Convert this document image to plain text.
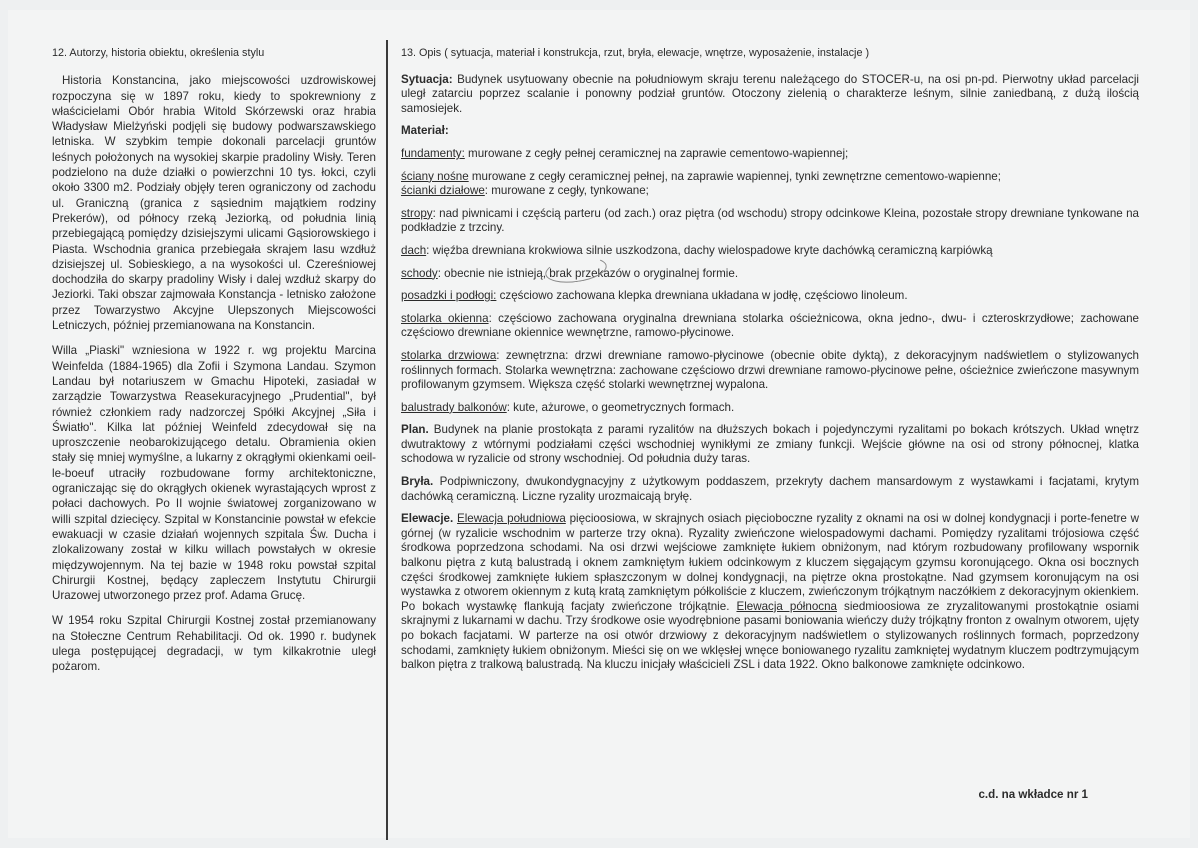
12. Autorzy, historia obiektu, określenia stylu

Historia Konstancina, jako miejscowości uzdrowiskowej rozpoczyna się w 1897 roku, kiedy to spokrewniony z właścicielami Obór hrabia Witold Skórzewski oraz hrabia Władysław Mielżyński podjęli się budowy podwarszawskiego letniska. W szybkim tempie dokonali parcelacji gruntów leśnych położonych na wysokiej skarpie pradoliny Wisły. Teren podzielono na duże działki o powierzchni 10 tys. łokci, czyli około 3300 m2. Podziały objęły teren ograniczony od zachodu ul. Graniczną (granica z sąsiednim majątkiem rodziny Prekerów), od północy rzeką Jeziorką, od południa linią przebiegającą pomiędzy dzisiejszymi ulicami Gąsiorowskiego i Piasta. Wschodnia granica przebiegała skrajem lasu wzdłuż dzisiejszej ul. Sobieskiego, a na wysokości ul. Czereśniowej dochodziła do skarpy pradoliny Wisły i dalej wzdłuż skarpy do Jeziorki. Taki obszar zajmowała Konstancja - letnisko założone przez Towarzystwo Akcyjne Ulepszonych Miejscowości Letniczych, później przemianowana na Konstancin.

Willa „Piaski" wzniesiona w 1922 r. wg projektu Marcina Weinfelda (1884-1965) dla Zofii i Szymona Landau. Szymon Landau był notariuszem w Gmachu Hipoteki, zasiadał w zarządzie Towarzystwa Reasekuracyjnego „Prudential", był również członkiem rady nadzorczej Spółki Akcyjnej „Siła i Światło". Kilka lat później Weinfeld zdecydował się na uproszczenie neobarokizującego detalu. Obramienia okien stały się mniej wymyślne, a lukarny z okrągłymi okienkami oeil-le-boeuf utraciły rozbudowane formy architektoniczne, ograniczając się do okrągłych okienek wyrastających wprost z połaci dachowych. Po II wojnie światowej zorganizowano w willi szpital dziecięcy. Szpital w Konstancinie powstał w efekcie ewakuacji w czasie działań wojennych szpitala Św. Ducha i zlokalizowany został w kilku willach powstałych w okresie międzywojennym. Na tej bazie w 1948 roku powstał szpital Chirurgii Kostnej, będący zapleczem Instytutu Chirurgii Urazowej utworzonego przez prof. Adama Grucę.

W 1954 roku Szpital Chirurgii Kostnej został przemianowany na Stołeczne Centrum Rehabilitacji. Od ok. 1990 r. budynek ulega postępującej degradacji, w tym kilkakrotnie uległ pożarom.

13. Opis ( sytuacja, materiał i konstrukcja, rzut, bryła, elewacje, wnętrze, wyposażenie, instalacje )

Sytuacja: Budynek usytuowany obecnie na południowym skraju terenu należącego do STOCER-u, na osi pn-pd. Pierwotny układ parcelacji uległ zatarciu poprzez scalanie i ponowny podział gruntów. Otoczony zielenią o charakterze leśnym, silnie zaniedbaną, z dużą ilością samosiejek.

Materiał:

fundamenty: murowane z cegły pełnej ceramicznej na zaprawie cementowo-wapiennej;

ściany nośne murowane z cegły ceramicznej pełnej, na zaprawie wapiennej, tynki zewnętrzne cementowo-wapienne;
ścianki działowe: murowane z cegły, tynkowane;

stropy: nad piwnicami i częścią parteru (od zach.) oraz piętra (od wschodu) stropy odcinkowe Kleina, pozostałe stropy drewniane tynkowane na podkładzie z trzciny.

dach: więźba drewniana krokwiowa silnie uszkodzona, dachy wielospadowe kryte dachówką ceramiczną karpiówką

schody: obecnie nie istnieją, brak przekazów o oryginalnej formie.

posadzki i podłogi: częściowo zachowana klepka drewniana układana w jodłę, częściowo linoleum.

stolarka okienna: częściowo zachowana oryginalna drewniana stolarka ościeżnicowa, okna jedno-, dwu- i czteroskrzydłowe; zachowane częściowo drewniane okiennice wewnętrzne, ramowo-płycinowe.

stolarka drzwiowa: zewnętrzna: drzwi drewniane ramowo-płycinowe (obecnie obite dyktą), z dekoracyjnym nadświetlem o stylizowanych roślinnych formach. Stolarka wewnętrzna: zachowane częściowo drzwi drewniane ramowo-płycinowe pełne, ościeżnice zwieńczone masywnym profilowanym gzymsem. Większa część stolarki wewnętrznej wypalona.

balustrady balkonów: kute, ażurowe, o geometrycznych formach.

Plan. Budynek na planie prostokąta z parami ryzalitów na dłuższych bokach i pojedynczymi ryzalitami po bokach krótszych. Układ wnętrz dwutraktowy z wtórnymi podziałami części wschodniej wynikłymi ze zmiany funkcji. Wejście główne na osi od strony północnej, klatka schodowa w ryzalicie od strony wschodniej. Od południa duży taras.

Bryła. Podpiwniczony, dwukondygnacyjny z użytkowym poddaszem, przekryty dachem mansardowym z wystawkami i facjatami, krytym dachówką ceramiczną. Liczne ryzality urozmaicają bryłę.

Elewacje. Elewacja południowa pięcioosiowa, w skrajnych osiach pięcioboczne ryzality z oknami na osi w dolnej kondygnacji i porte-fenetre w górnej (w ryzalicie wschodnim w parterze trzy okna). Ryzality zwieńczone wielospadowymi dachami. Pomiędzy ryzalitami trójosiowa część środkowa poprzedzona schodami. Na osi drzwi wejściowe zamknięte łukiem obniżonym, nad którym rozbudowany profilowany wspornik balkonu piętra z kutą balustradą i oknem zamkniętym łukiem odcinkowym z kluczem sięgającym gzymsu koronującego. Okna osi bocznych części środkowej zamknięte łukiem spłaszczonym w dolnej kondygnacji, na piętrze okna prostokątne. Nad gzymsem koronującym na osi wystawka z otworem okiennym z kutą kratą zamkniętym półkoliście z kluczem, zwieńczonym trójkątnym naczółkiem z dekoracyjnym okienkiem. Po bokach wystawkę flankują facjaty zwieńczone trójkątnie. Elewacja północna siedmioosiowa ze zryzalitowanymi prostokątnie osiami skrajnymi z lukarnami w dachu. Trzy środkowe osie wyodrębnione pasami boniowania wieńczy duży trójkątny fronton z owalnym otworem, ujęty po bokach facjatami. W parterze na osi otwór drzwiowy z dekoracyjnym nadświetlem o stylizowanych roślinnych formach, poprzedzony schodami, zamknięty łukiem obniżonym. Mieści się on we wklęsłej wnęce boniowanego ryzalitu zamkniętej wydatnym kluczem podtrzymującym balkon piętra z tralkową balustradą. Na kluczu inicjały właścicieli ZSL i data 1922. Okno balkonowe zamknięte odcinkowo.

c.d. na wkładce nr 1
